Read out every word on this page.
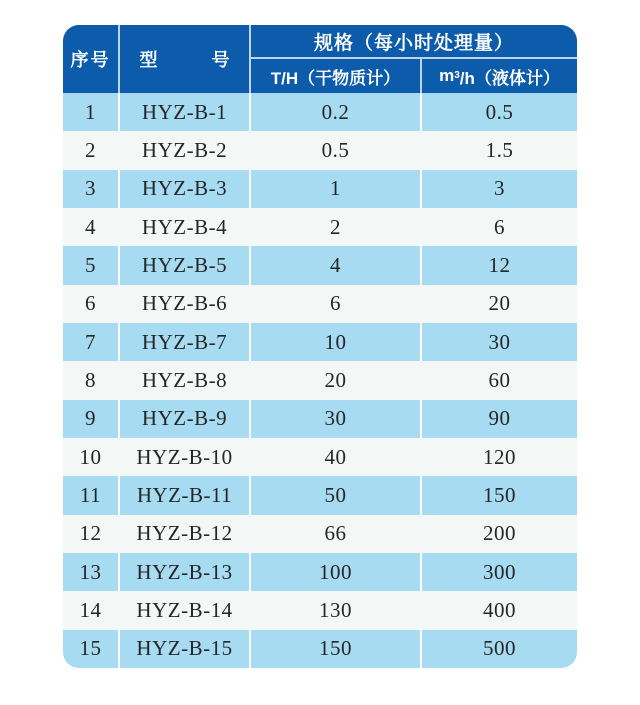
序号	型　　　号
规格（每小时处理量）
T/H（干物质计）	m 3 /h（液体计）
1	HYZ-B-1	0.2	0.5
2	HYZ-B-2	0.5	1.5
3	HYZ-B-3	1	3
4	HYZ-B-4	2	6
5	HYZ-B-5	4	12
6	HYZ-B-6	6	20
7	HYZ-B-7	10	30
8	HYZ-B-8	20	60
9	HYZ-B-9	30	90
10	HYZ-B-10	40	120
11	HYZ-B-11	50	150
12	HYZ-B-12	66	200
13	HYZ-B-13	100	300
14	HYZ-B-14	130	400
15	HYZ-B-15	150	500
